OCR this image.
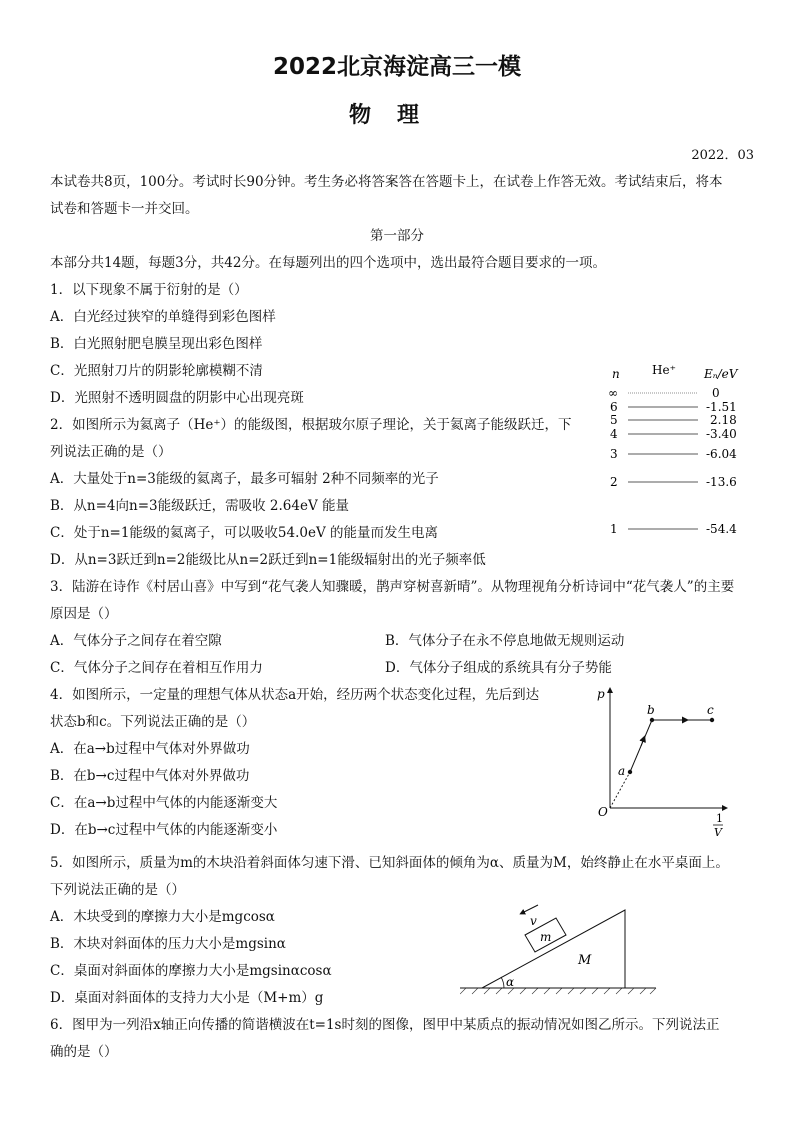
2022北京海淀高三一模
物理
2022．03
本试卷共8页，100分。考试时长90分钟。考生务必将答案答在答题卡上，在试卷上作答无效。考试结束后，将本
试卷和答题卡一并交回。
第一部分
本部分共14题，每题3分，共42分。在每题列出的四个选项中，选出最符合题目要求的一项。
1．以下现象不属于衍射的是（）
A．白光经过狭窄的单缝得到彩色图样
B．白光照射肥皂膜呈现出彩色图样
C．光照射刀片的阴影轮廓模糊不清
D．光照射不透明圆盘的阴影中心出现亮斑
2．如图所示为氦离子（He⁺）的能级图，根据玻尔原子理论，关于氦离子能级跃迁，下
列说法正确的是（）
A．大量处于n=3能级的氦离子，最多可辐射 2种不同频率的光子
B．从n=4向n=3能级跃迁，需吸收 2.64eV 能量
C．处于n=1能级的氦离子，可以吸收54.0eV 的能量而发生电离
D．从n=3跃迁到n=2能级比从n=2跃迁到n=1能级辐射出的光子频率低
n	He⁺ Eₙ/eV
∞	0
6	-1.51
5	2.18
4	-3.40
3	-6.04
2	-13.6
1	-54.4
3．陆游在诗作《村居山喜》中写到“花气袭人知骤暖，鹊声穿树喜新晴”。从物理视角分析诗词中“花气袭人”的主要
原因是（）
A．气体分子之间存在着空隙	B．气体分子在永不停息地做无规则运动
C．气体分子之间存在着相互作用力	D．气体分子组成的系统具有分子势能
4．如图所示，一定量的理想气体从状态a开始，经历两个状态变化过程，先后到达
状态b和c。下列说法正确的是（）
A．在a→b过程中气体对外界做功
B．在b→c过程中气体对外界做功
C．在a→b过程中气体的内能逐渐变大
D．在b→c过程中气体的内能逐渐变小
p
O	1
V
a
b	c
5．如图所示，质量为m的木块沿着斜面体匀速下滑、已知斜面体的倾角为α、质量为M，始终静止在水平桌面上。
下列说法正确的是（）
A．木块受到的摩擦力大小是mgcosα
B．木块对斜面体的压力大小是mgsinα
C．桌面对斜面体的摩擦力大小是mgsinαcosα
D．桌面对斜面体的支持力大小是（M+m）g
α
M
m
v
6．图甲为一列沿x轴正向传播的简谐横波在t=1s时刻的图像，图甲中某质点的振动情况如图乙所示。下列说法正
确的是（）
